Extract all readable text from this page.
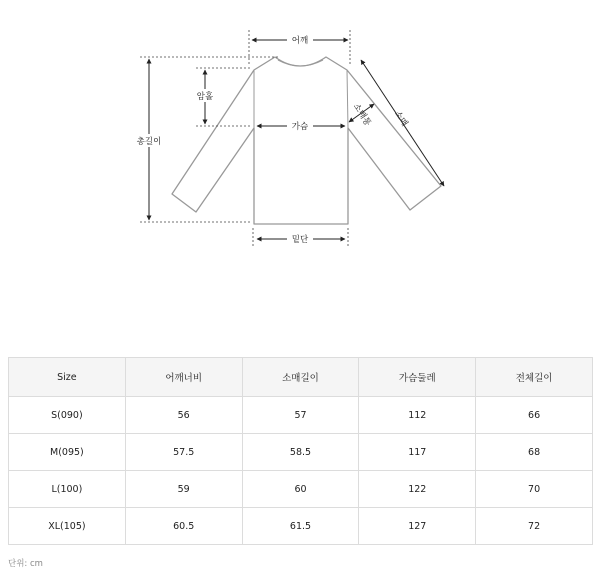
어깨
암홀
가슴
총길이
밑단
소매
소매통
Size	어깨너비	소매길이	가슴둘레	전체길이
S(090)	56	57	112	66
M(095)	57.5	58.5	117	68
L(100)	59	60	122	70
XL(105)	60.5	61.5	127	72
단위: cm
